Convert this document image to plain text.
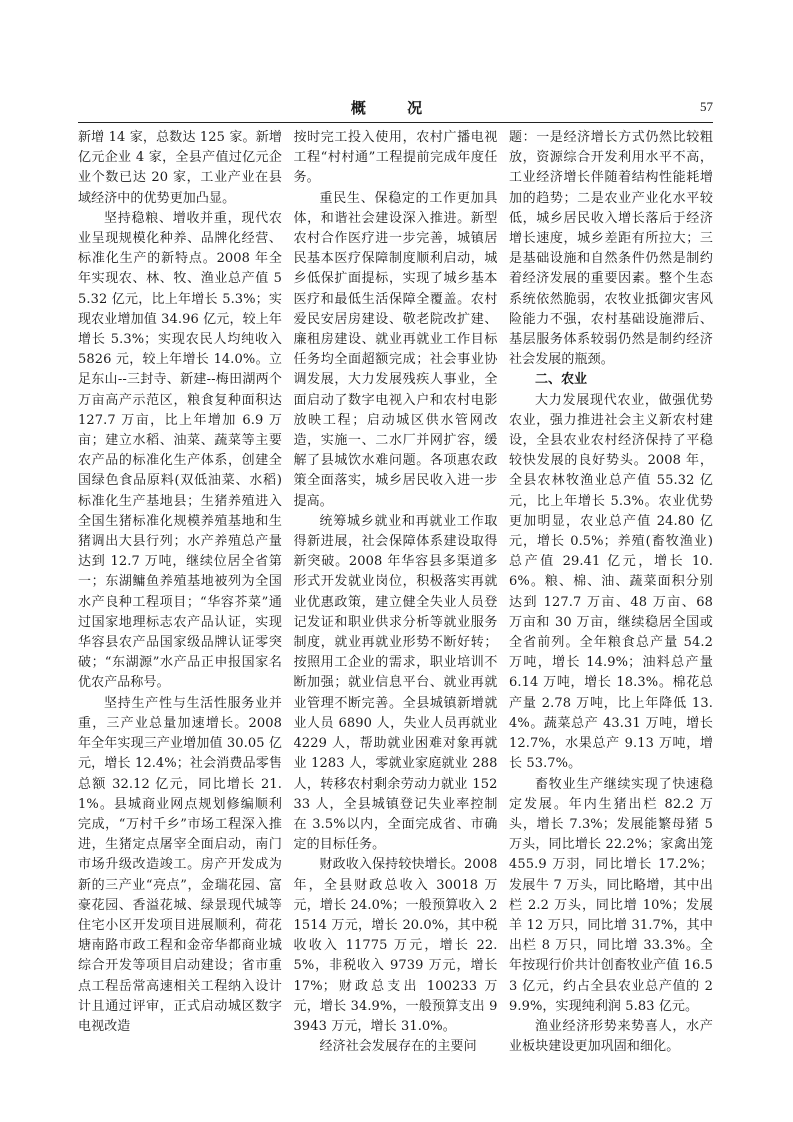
概 况	57

新增 14 家，总数达 125 家。新增亿元企业 4 家，全县产值过亿元企业个数已达 20 家，工业产业在县域经济中的优势更加凸显。

坚持稳粮、增收并重，现代农业呈现规模化种养、品牌化经营、标准化生产的新特点。2008 年全年实现农、林、牧、渔业总产值 55.32 亿元，比上年增长 5.3%；实现农业增加值 34.96 亿元，较上年增长 5.3%；实现农民人均纯收入 5826 元，较上年增长 14.0%。立足东山--三封寺、新建--梅田湖两个万亩高产示范区，粮食复种面积达 127.7 万亩，比上年增加 6.9 万亩；建立水稻、油菜、蔬菜等主要农产品的标准化生产体系，创建全国绿色食品原料(双低油菜、水稻)标准化生产基地县；生猪养殖进入全国生猪标准化规模养殖基地和生猪调出大县行列；水产养殖总产量达到 12.7 万吨，继续位居全省第一；东湖鳙鱼养殖基地被列为全国水产良种工程项目；“华容芥菜”通过国家地理标志农产品认证，实现华容县农产品国家级品牌认证零突破；“东湖源”水产品正申报国家名优农产品称号。

坚持生产性与生活性服务业并重，三产业总量加速增长。2008 年全年实现三产业增加值 30.05 亿元，增长 12.4%；社会消费品零售总额 32.12 亿元，同比增长 21.1%。县城商业网点规划修编顺利完成，“万村千乡”市场工程深入推进，生猪定点屠宰全面启动，南门市场升级改造竣工。房产开发成为新的三产业“亮点”，金瑞花园、富豪花园、香溢花城、绿景现代城等住宅小区开发项目进展顺利，荷花塘南路市政工程和金帝华都商业城综合开发等项目启动建设；省市重点工程岳常高速相关工程纳入设计计且通过评审，正式启动城区数字电视改造

按时完工投入使用，农村广播电视工程“村村通”工程提前完成年度任务。

重民生、保稳定的工作更加具体，和谐社会建设深入推进。新型农村合作医疗进一步完善，城镇居民基本医疗保障制度顺利启动，城乡低保扩面提标，实现了城乡基本医疗和最低生活保障全覆盖。农村爱民安居房建设、敬老院改扩建、廉租房建设、就业再就业工作目标任务均全面超额完成；社会事业协调发展，大力发展残疾人事业，全面启动了数字电视入户和农村电影放映工程；启动城区供水管网改造，实施一、二水厂并网扩容，缓解了县城饮水难问题。各项惠农政策全面落实，城乡居民收入进一步提高。

统筹城乡就业和再就业工作取得新进展，社会保障体系建设取得新突破。2008 年华容县多渠道多形式开发就业岗位，积极落实再就业优惠政策，建立健全失业人员登记发证和职业供求分析等就业服务制度，就业再就业形势不断好转；按照用工企业的需求，职业培训不断加强；就业信息平台、就业再就业管理不断完善。全县城镇新增就业人员 6890 人，失业人员再就业 4229 人，帮助就业困难对象再就业 1283 人，零就业家庭就业 288 人，转移农村剩余劳动力就业 15233 人，全县城镇登记失业率控制在 3.5%以内，全面完成省、市确定的目标任务。

财政收入保持较快增长。2008 年，全县财政总收入 30018 万元，增长 24.0%；一般预算收入 21514 万元，增长 20.0%，其中税收收入 11775 万元，增长 22.5%，非税收入 9739 万元，增长 17%；财政总支出 100233 万元，增长 34.9%，一般预算支出 93943 万元，增长 31.0%。

经济社会发展存在的主要问

题：一是经济增长方式仍然比较粗放，资源综合开发利用水平不高，工业经济增长伴随着结构性能耗增加的趋势；二是农业产业化水平较低，城乡居民收入增长落后于经济增长速度，城乡差距有所拉大；三是基础设施和自然条件仍然是制约着经济发展的重要因素。整个生态系统依然脆弱，农牧业抵御灾害风险能力不强，农村基础设施滞后、基层服务体系较弱仍然是制约经济社会发展的瓶颈。

二、农业

大力发展现代农业，做强优势农业，强力推进社会主义新农村建设，全县农业农村经济保持了平稳较快发展的良好势头。2008 年，全县农林牧渔业总产值 55.32 亿元，比上年增长 5.3%。农业优势更加明显，农业总产值 24.80 亿元，增长 0.5%；养殖(畜牧渔业)总产值 29.41 亿元，增长 10.6%。粮、棉、油、蔬菜面积分别达到 127.7 万亩、48 万亩、68 万亩和 30 万亩，继续稳居全国或全省前列。全年粮食总产量 54.2 万吨，增长 14.9%；油料总产量 6.14 万吨，增长 18.3%。棉花总产量 2.78 万吨，比上年降低 13.4%。蔬菜总产 43.31 万吨，增长 12.7%，水果总产 9.13 万吨，增长 53.7%。

畜牧业生产继续实现了快速稳定发展。年内生猪出栏 82.2 万头，增长 7.3%；发展能繁母猪 5 万头，同比增长 22.2%；家禽出笼 455.9 万羽，同比增长 17.2%；发展牛 7 万头，同比略增，其中出栏 2.2 万头，同比增 10%；发展羊 12 万只，同比增 31.7%，其中出栏 8 万只，同比增 33.3%。全年按现行价共计创畜牧业产值 16.53 亿元，约占全县农业总产值的 29.9%，实现纯利润 5.83 亿元。

渔业经济形势来势喜人，水产业板块建设更加巩固和细化。
